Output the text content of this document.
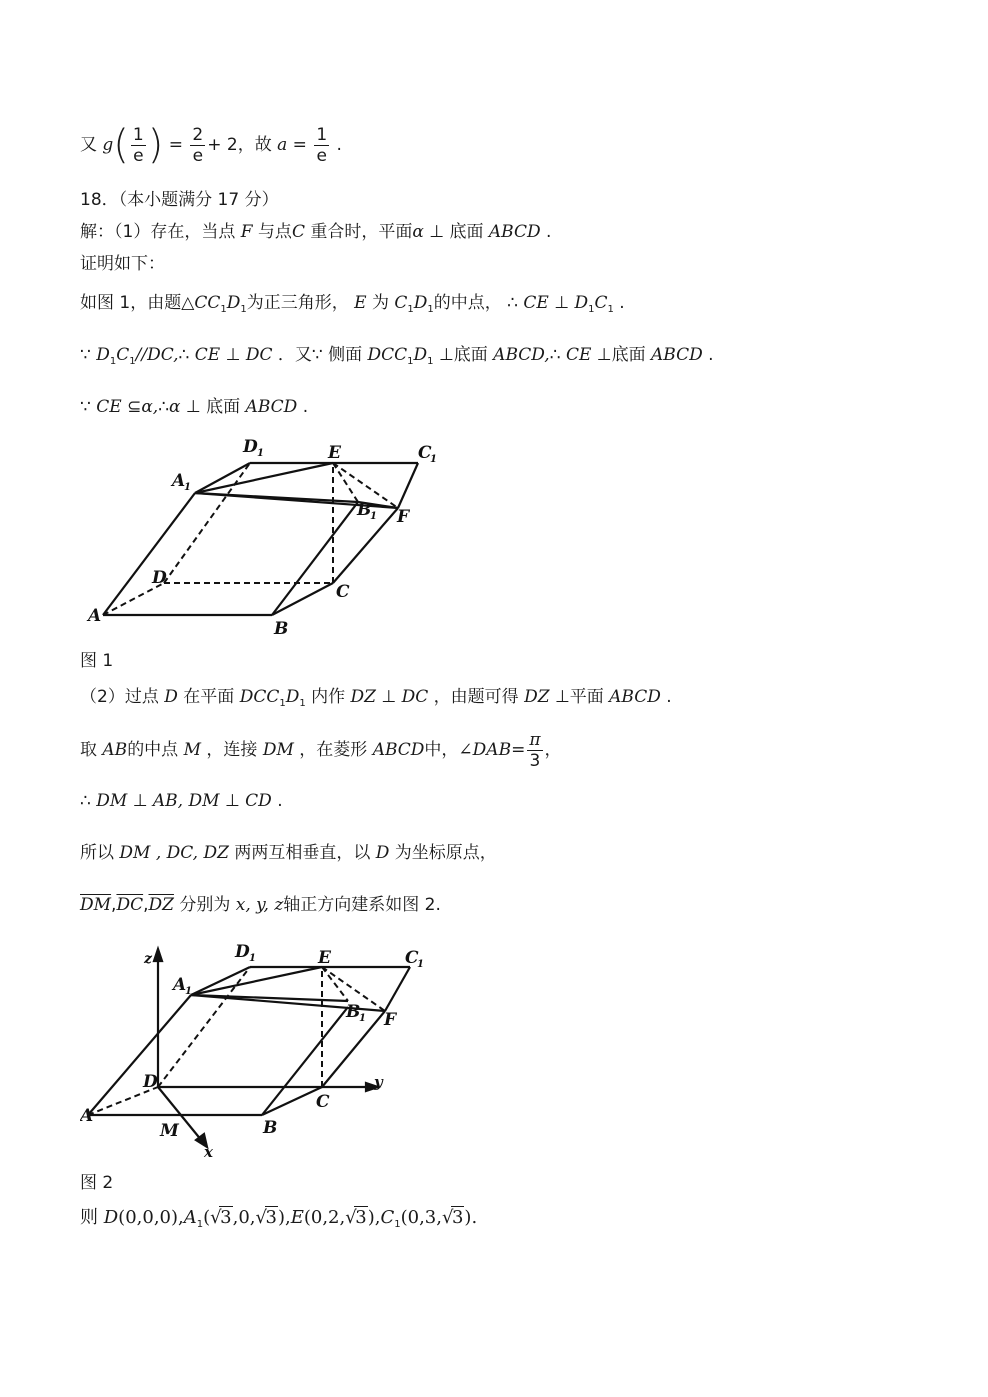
又 $g( \frac{1}{e}$ ) = $\frac{2}{e} + 2$，故 $a = \frac{1}{e}$ .
18．（本小题满分 17 分）
解：（1）存在，当点 F 与点C 重合时，平面α ⊥ 底面 ABCD .
证明如下：
如图 1，由题$\triangle CC_1D_1$为正三角形， E 为 $C_1D_1$的中点， ∴ CE ⊥ $D_1C_1$ .
∵ $D_1C_1//DC,\therefore$ CE ⊥ DC ．又∵ 侧面 $DCC_1D_1$ ⊥底面 ABCD,∴ CE ⊥底面 ABCD .
∵ CE ⊆α,∴α ⊥ 底面 ABCD .
A
B
C
D
E
F
A
1
B
1
C
1
D 1
图 1
（2）过点 D 在平面 $DCC_1D_1$ 内作 DZ ⊥ DC ，由题可得 DZ ⊥平面 ABCD .
取 AB的中点 M ，连接 DM ，在菱形 ABCD中，∠DAB= $\frac{\pi}{3}$ ，
∴ DM ⊥ AB, DM ⊥ CD .
所以 DM , DC, DZ 两两互相垂直，以 D 为坐标原点，
$\overline{DM},\overline{DC},\overline{DZ}$ 分别为 x, y, z轴正方向建系如图 2.
z
y
x
A
B
C
D
M
E
F
A
1
B
1
C
1
D 1
图 2
则 $D(0,0,0),A_1$( √
3,0, √
3),E(0,2, √
$3),C_1(0,3$, √
3).
